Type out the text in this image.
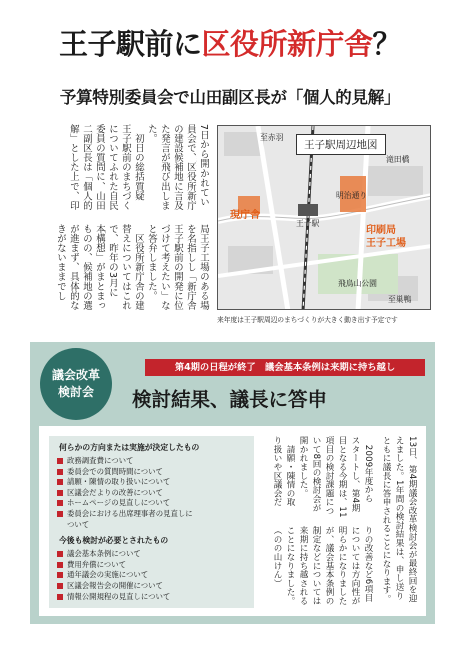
王子駅前に区役所新庁舎？
予算特別委員会で山田副区長が「個人的見解」
7日から開かれてい
員会で、区役所新庁
の建設候補地に言及
た発言が飛び出しま
た。
　初日の総括質疑
王子駅前のまちづく
についてふれた自民
委員の質問に、山田
二副区長は「個人的
解」とした上で、印
局王子工場のある場
を名指しし「新庁舎
王子駅前の開発に位
づけて考えたい」な
と答弁しました。
　区役所新庁舎の建
替えについてはこれ
で、昨年の3月に
本構想」がまとまっ
ものの、候補地の選
が進まず、具体的な
きがないままでし
王子駅周辺地図
至赤羽
滝田橋
明治通り
王子駅
現庁舎
印刷局
王子工場
飛鳥山公園
至巣鴨
来年度は王子駅周辺のまちづくりが大きく動き出す予定です
議会改革
検討会
第4期の日程が終了　議会基本条例は来期に持ち越し
検討結果、議長に答申
何らかの方向または実施が決定したもの
政務調査費について
委員会での質問時間について
請願・陳情の取り扱いについて
区議会だよりの改善について
ホームページの見直しについて
委員会における出席理事者の見直しに
ついて
今後も検討が必要とされたもの
議会基本条例について
費用弁償について
通年議会の実施について
区議会報告会の開催について
情報公開規程の見直しについて	13日、第4期議会改革検討会が最終回を迎
えました。1年間の検討結果は、申し送り
ともに議長に答申されることになります。
　2009年度から
スタートし、第4期
目となる今期は、11
項目の検討課題につ
いて8回の検討会が
開かれました。
　請願・陳情の取
り扱いや区議会だ
りの改善など6項目
については方向性が
明らかになりました
が、議会基本条例の
制定などについては
来期に持ち越される
ことになりました。
（のの山けん）
